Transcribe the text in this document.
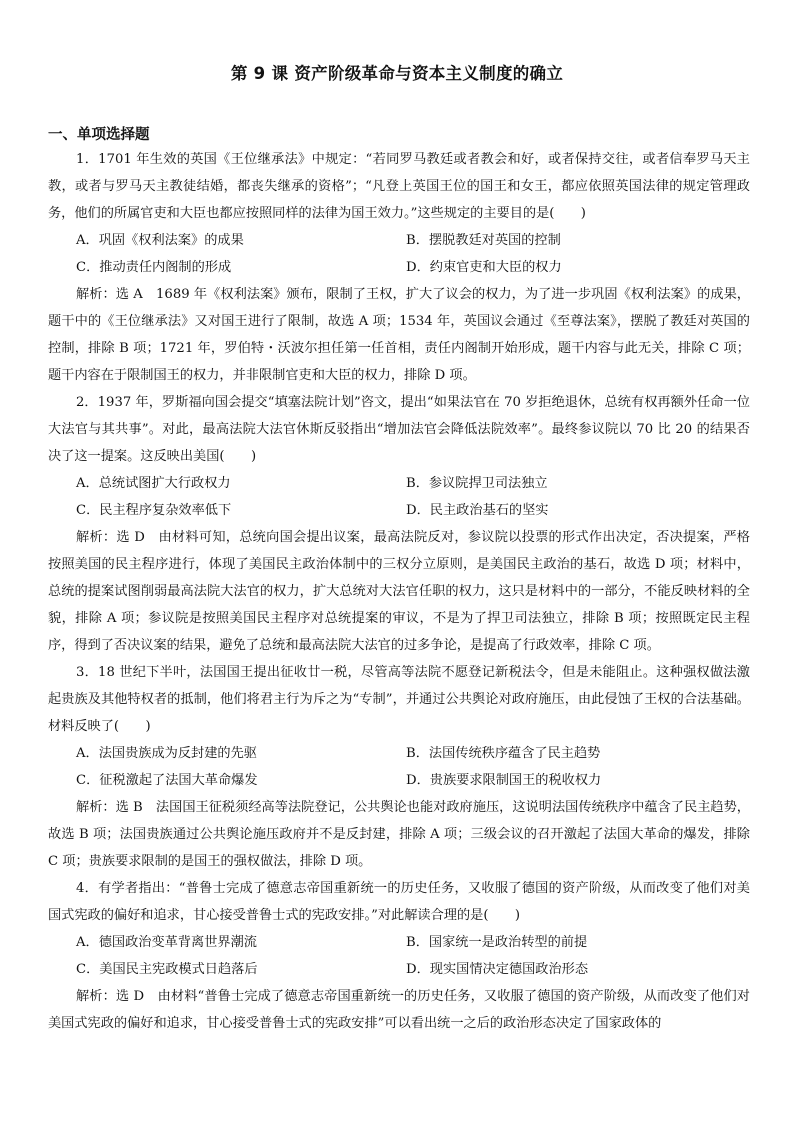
第 9 课 资产阶级革命与资本主义制度的确立
一、单项选择题

1．1701 年生效的英国《王位继承法》中规定：“若同罗马教廷或者教会和好，或者保持交往，或者信奉罗马天主教，或者与罗马天主教徒结婚，都丧失继承的资格”；“凡登上英国王位的国王和女王，都应依照英国法律的规定管理政务，他们的所属官吏和大臣也都应按照同样的法律为国王效力。”这些规定的主要目的是(　　)

A．巩固《权利法案》的成果	B．摆脱教廷对英国的控制
C．推动责任内阁制的形成	D．约束官吏和大臣的权力

解析：选 A　1689 年《权利法案》颁布，限制了王权，扩大了议会的权力，为了进一步巩固《权利法案》的成果，题干中的《王位继承法》又对国王进行了限制，故选 A 项；1534 年，英国议会通过《至尊法案》，摆脱了教廷对英国的控制，排除 B 项；1721 年，罗伯特・沃波尔担任第一任首相，责任内阁制开始形成，题干内容与此无关，排除 C 项；题干内容在于限制国王的权力，并非限制官吏和大臣的权力，排除 D 项。

2．1937 年，罗斯福向国会提交“填塞法院计划”咨文，提出“如果法官在 70 岁拒绝退休，总统有权再额外任命一位大法官与其共事”。对此，最高法院大法官休斯反驳指出“增加法官会降低法院效率”。最终参议院以 70 比 20 的结果否决了这一提案。这反映出美国(　　)

A．总统试图扩大行政权力	B．参议院捍卫司法独立
C．民主程序复杂效率低下	D．民主政治基石的坚实

解析：选 D　由材料可知，总统向国会提出议案，最高法院反对，参议院以投票的形式作出决定，否决提案，严格按照美国的民主程序进行，体现了美国民主政治体制中的三权分立原则，是美国民主政治的基石，故选 D 项；材料中，总统的提案试图削弱最高法院大法官的权力，扩大总统对大法官任职的权力，这只是材料中的一部分，不能反映材料的全貌，排除 A 项；参议院是按照美国民主程序对总统提案的审议，不是为了捍卫司法独立，排除 B 项；按照既定民主程序，得到了否决议案的结果，避免了总统和最高法院大法官的过多争论，是提高了行政效率，排除 C 项。

3．18 世纪下半叶，法国国王提出征收廿一税，尽管高等法院不愿登记新税法令，但是未能阻止。这种强权做法激起贵族及其他特权者的抵制，他们将君主行为斥之为“专制”，并通过公共舆论对政府施压，由此侵蚀了王权的合法基础。材料反映了(　　)

A．法国贵族成为反封建的先驱	B．法国传统秩序蕴含了民主趋势
C．征税激起了法国大革命爆发	D．贵族要求限制国王的税收权力

解析：选 B　法国国王征税须经高等法院登记，公共舆论也能对政府施压，这说明法国传统秩序中蕴含了民主趋势，故选 B 项；法国贵族通过公共舆论施压政府并不是反封建，排除 A 项；三级会议的召开激起了法国大革命的爆发，排除 C 项；贵族要求限制的是国王的强权做法，排除 D 项。

4．有学者指出：“普鲁士完成了德意志帝国重新统一的历史任务，又收服了德国的资产阶级，从而改变了他们对美国式宪政的偏好和追求，甘心接受普鲁士式的宪政安排。”对此解读合理的是(　　)

A．德国政治变革背离世界潮流	B．国家统一是政治转型的前提
C．美国民主宪政模式日趋落后	D．现实国情决定德国政治形态

解析：选 D　由材料“普鲁士完成了德意志帝国重新统一的历史任务，又收服了德国的资产阶级，从而改变了他们对美国式宪政的偏好和追求，甘心接受普鲁士式的宪政安排”可以看出统一之后的政治形态决定了国家政体的
